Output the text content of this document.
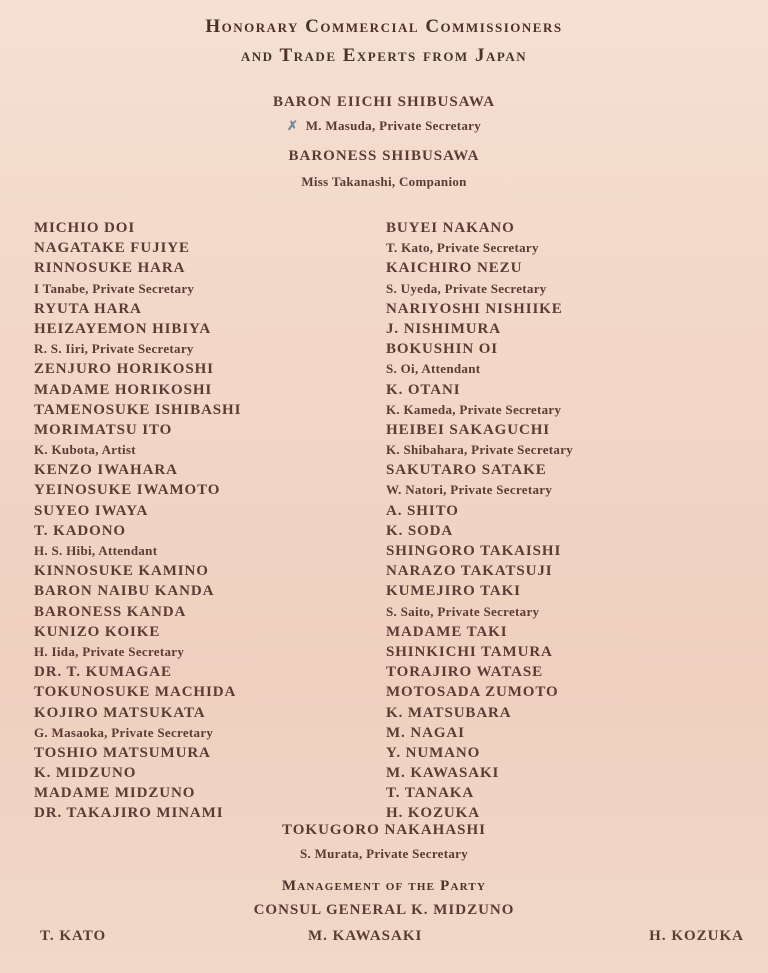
Honorary Commercial Commissioners
and Trade Experts from Japan
BARON EIICHI SHIBUSAWA
✗ M. Masuda, Private Secretary
BARONESS SHIBUSAWA
Miss Takanashi, Companion
MICHIO DOI
NAGATAKE FUJIYE
RINNOSUKE HARA
I Tanabe, Private Secretary
RYUTA HARA
HEIZAYEMON HIBIYA
R. S. Iiri, Private Secretary
ZENJURO HORIKOSHI
MADAME HORIKOSHI
TAMENOSUKE ISHIBASHI
MORIMATSU ITO
K. Kubota, Artist
KENZO IWAHARA
YEINOSUKE IWAMOTO
SUYEO IWAYA
T. KADONO
H. S. Hibi, Attendant
KINNOSUKE KAMINO
BARON NAIBU KANDA
BARONESS KANDA
KUNIZO KOIKE
H. Iida, Private Secretary
DR. T. KUMAGAE
TOKUNOSUKE MACHIDA
KOJIRO MATSUKATA
G. Masaoka, Private Secretary
TOSHIO MATSUMURA
K. MIDZUNO
MADAME MIDZUNO
DR. TAKAJIRO MINAMI
BUYEI NAKANO
T. Kato, Private Secretary
KAICHIRO NEZU
S. Uyeda, Private Secretary
NARIYOSHI NISHIIKE
J. NISHIMURA
BOKUSHIN OI
S. Oi, Attendant
K. OTANI
K. Kameda, Private Secretary
HEIBEI SAKAGUCHI
K. Shibahara, Private Secretary
SAKUTARO SATAKE
W. Natori, Private Secretary
A. SHITO
K. SODA
SHINGORO TAKAISHI
NARAZO TAKATSUJI
KUMEJIRO TAKI
S. Saito, Private Secretary
MADAME TAKI
SHINKICHI TAMURA
TORAJIRO WATASE
MOTOSADA ZUMOTO
K. MATSUBARA
M. NAGAI
Y. NUMANO
M. KAWASAKI
T. TANAKA
H. KOZUKA
TOKUGORO NAKAHASHI
S. Murata, Private Secretary
Management of the Party
CONSUL GENERAL K. MIDZUNO
T. KATO	M. KAWASAKI	H. KOZUKA
